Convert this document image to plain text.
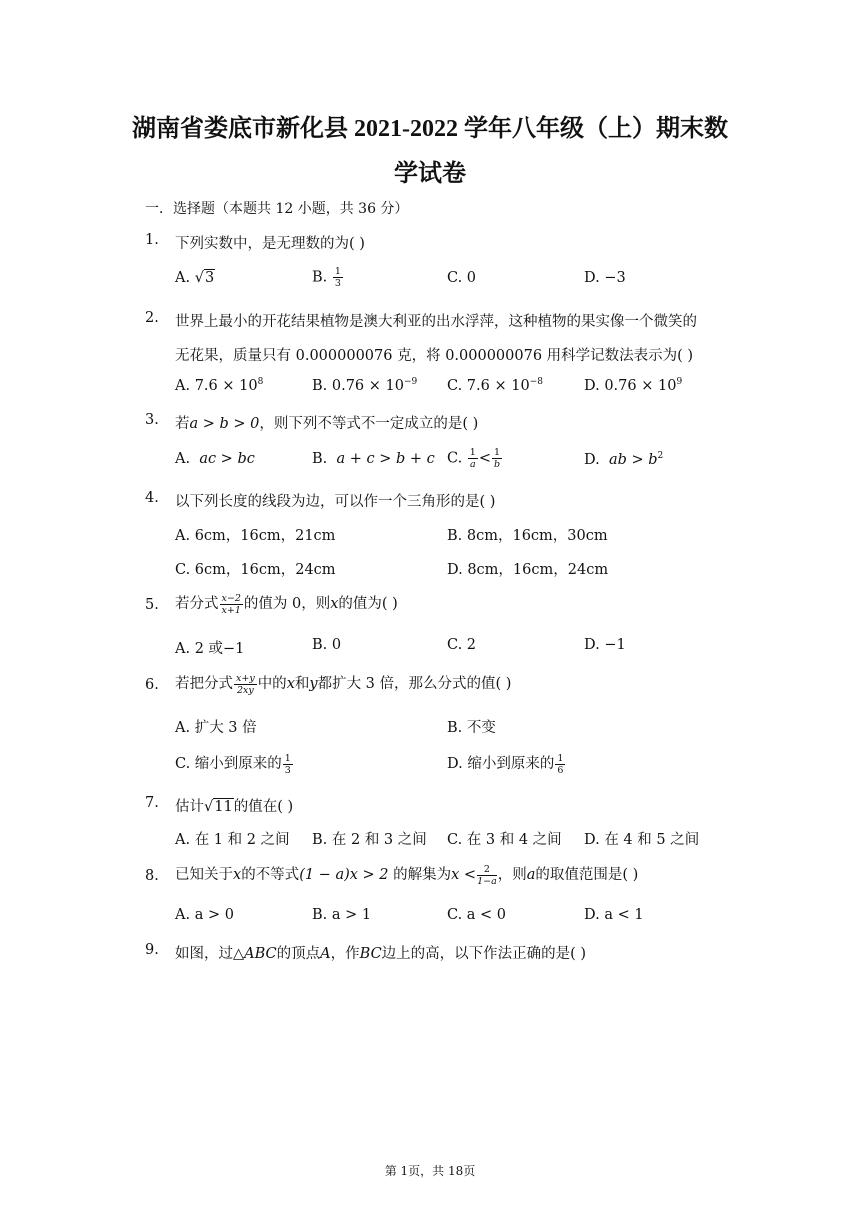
湖南省娄底市新化县 2021-2022 学年八年级（上）期末数
学试卷
一．选择题（本题共 12 小题，共 36 分）
1. 下列实数中，是无理数的为( )
A. √3	B. $\frac{1}{3}$	C. 0	D. −3
2. 世界上最小的开花结果植物是澳大利亚的出水浮萍，这种植物的果实像一个微笑的
无花果，质量只有 0.000000076 克，将 0.000000076 用科学记数法表示为( )
A. $7.6 \times 10^8$	B. $0.76 \times 10^{-9}$ C. $7.6 \times 10^{-8}$	D. $0.76 \times 10^9$
3. 若a > b > 0，则下列不等式不一定成立的是( )
A. ac > bc	B. a + c > b + c C. $\frac{1}{a} < \frac{1}{b}$	D. ab > $b^2$
4. 以下列长度的线段为边，可以作一个三角形的是( )
A. 6cm，16cm，21cm	B. 8cm，16cm，30cm
C. 6cm，16cm，24cm	D. 8cm，16cm，24cm
5. 若分式 $\frac{x-2}{x+1}$ 的值为 0，则x的值为( )
A. 2 或−1	B. 0	C. 2	D. −1
6. 若把分式 $\frac{x+y}{2xy}$ 中的x和y都扩大 3 倍，那么分式的值( )
A. 扩大 3 倍	B. 不变
C. 缩小到原来的 $\frac{1}{3}$	D. 缩小到原来的 $\frac{1}{6}$
7. 估计√11的值在( )
A. 在 1 和 2 之间 B. 在 2 和 3 之间 C. 在 3 和 4 之间 D. 在 4 和 5 之间
8. 已知关于x的不等式(1 − a)x > 2 的解集为$x < \frac{2}{1-a}$ ，则a的取值范围是( )
A. a > 0	B. a > 1	C. a < 0	D. a < 1
9. 如图，过△ABC的顶点A，作BC边上的高，以下作法正确的是( )
第 1页，共 18页
